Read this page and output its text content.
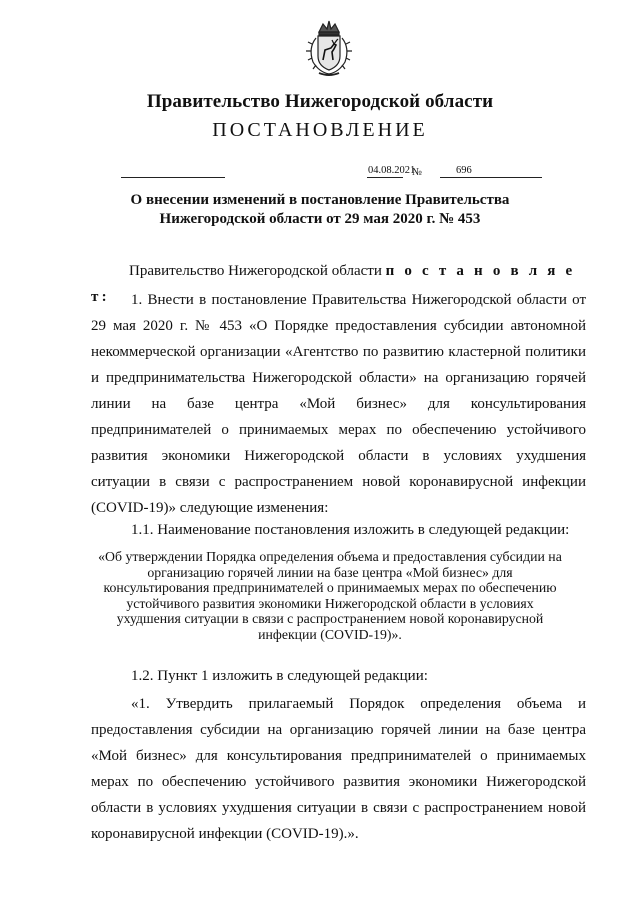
Правительство Нижегородской области
ПОСТАНОВЛЕНИЕ
04.08.2021
№	696
О внесении изменений в постановление Правительства
Нижегородской области от 29 мая 2020 г. № 453
Правительство Нижегородской области п о с т а н о в л я е т:	1. Внести в постановление Правительства Нижегородской области от 29 мая 2020 г. № 453 «О Порядке предоставления субсидии автономной некоммерческой организации «Агентство по развитию кластерной политики и предпринимательства Нижегородской области» на организацию горячей линии на базе центра «Мой бизнес» для консультирования предпринимателей о принимаемых мерах по обеспечению устойчивого развития экономики Нижегородской области в условиях ухудшения ситуации в связи с распространением новой коронавирусной инфекции (COVID-19)» следующие изменения:
1.1. Наименование постановления изложить в следующей редакции:
«Об утверждении Порядка определения объема и предоставления субсидии на организацию горячей линии на базе центра «Мой бизнес» для консультирования предпринимателей о принимаемых мерах по обеспечению устойчивого развития экономики Нижегородской области в условиях ухудшения ситуации в связи с распространением новой коронавирусной инфекции (COVID-19)».
1.2. Пункт 1 изложить в следующей редакции:
«1. Утвердить прилагаемый Порядок определения объема и предоставления субсидии на организацию горячей линии на базе центра «Мой бизнес» для консультирования предпринимателей о принимаемых мерах по обеспечению устойчивого развития экономики Нижегородской области в условиях ухудшения ситуации в связи с распространением новой коронавирусной инфекции (COVID-19).».
